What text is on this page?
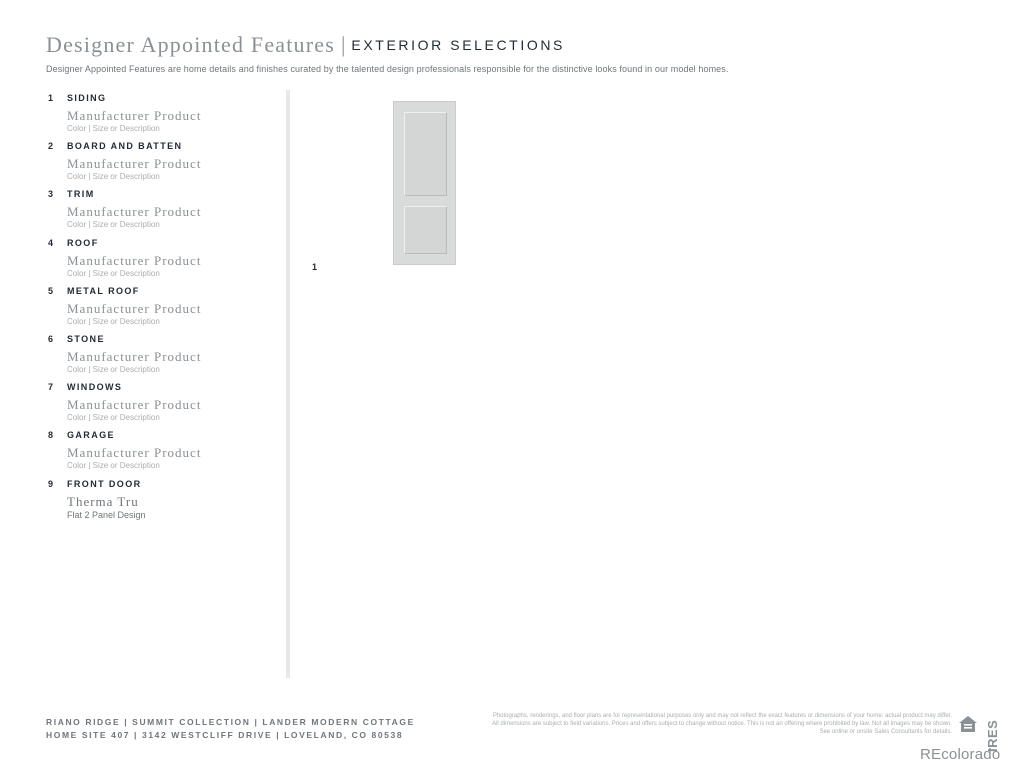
Designer Appointed Features | EXTERIOR SELECTIONS
Designer Appointed Features are home details and finishes curated by the talented design professionals responsible for the distinctive looks found in our model homes.
1 SIDING
Manufacturer Product
Color | Size or Description
2 BOARD AND BATTEN
Manufacturer Product
Color | Size or Description
3 TRIM
Manufacturer Product
Color | Size or Description
4 ROOF
Manufacturer Product
Color | Size or Description
5 METAL ROOF
Manufacturer Product
Color | Size or Description
6 STONE
Manufacturer Product
Color | Size or Description
7 WINDOWS
Manufacturer Product
Color | Size or Description
8 GARAGE
Manufacturer Product
Color | Size or Description
9 FRONT DOOR
Therma Tru
Flat 2 Panel Design
1
RIANO RIDGE | SUMMIT COLLECTION | LANDER MODERN COTTAGE
HOME SITE 407 | 3142 WESTCLIFF DRIVE | LOVELAND, CO 80538
Photographs, renderings, and floor plans are for representational purposes only and may not reflect the exact features or dimensions of your home; actual product may differ. All dimensions are subject to field variations. Prices and offers subject to change without notice. This is not an offering where prohibited by law. Not all images may be shown. See online or onsite Sales Consultants for details.	IRES
REcolorado
